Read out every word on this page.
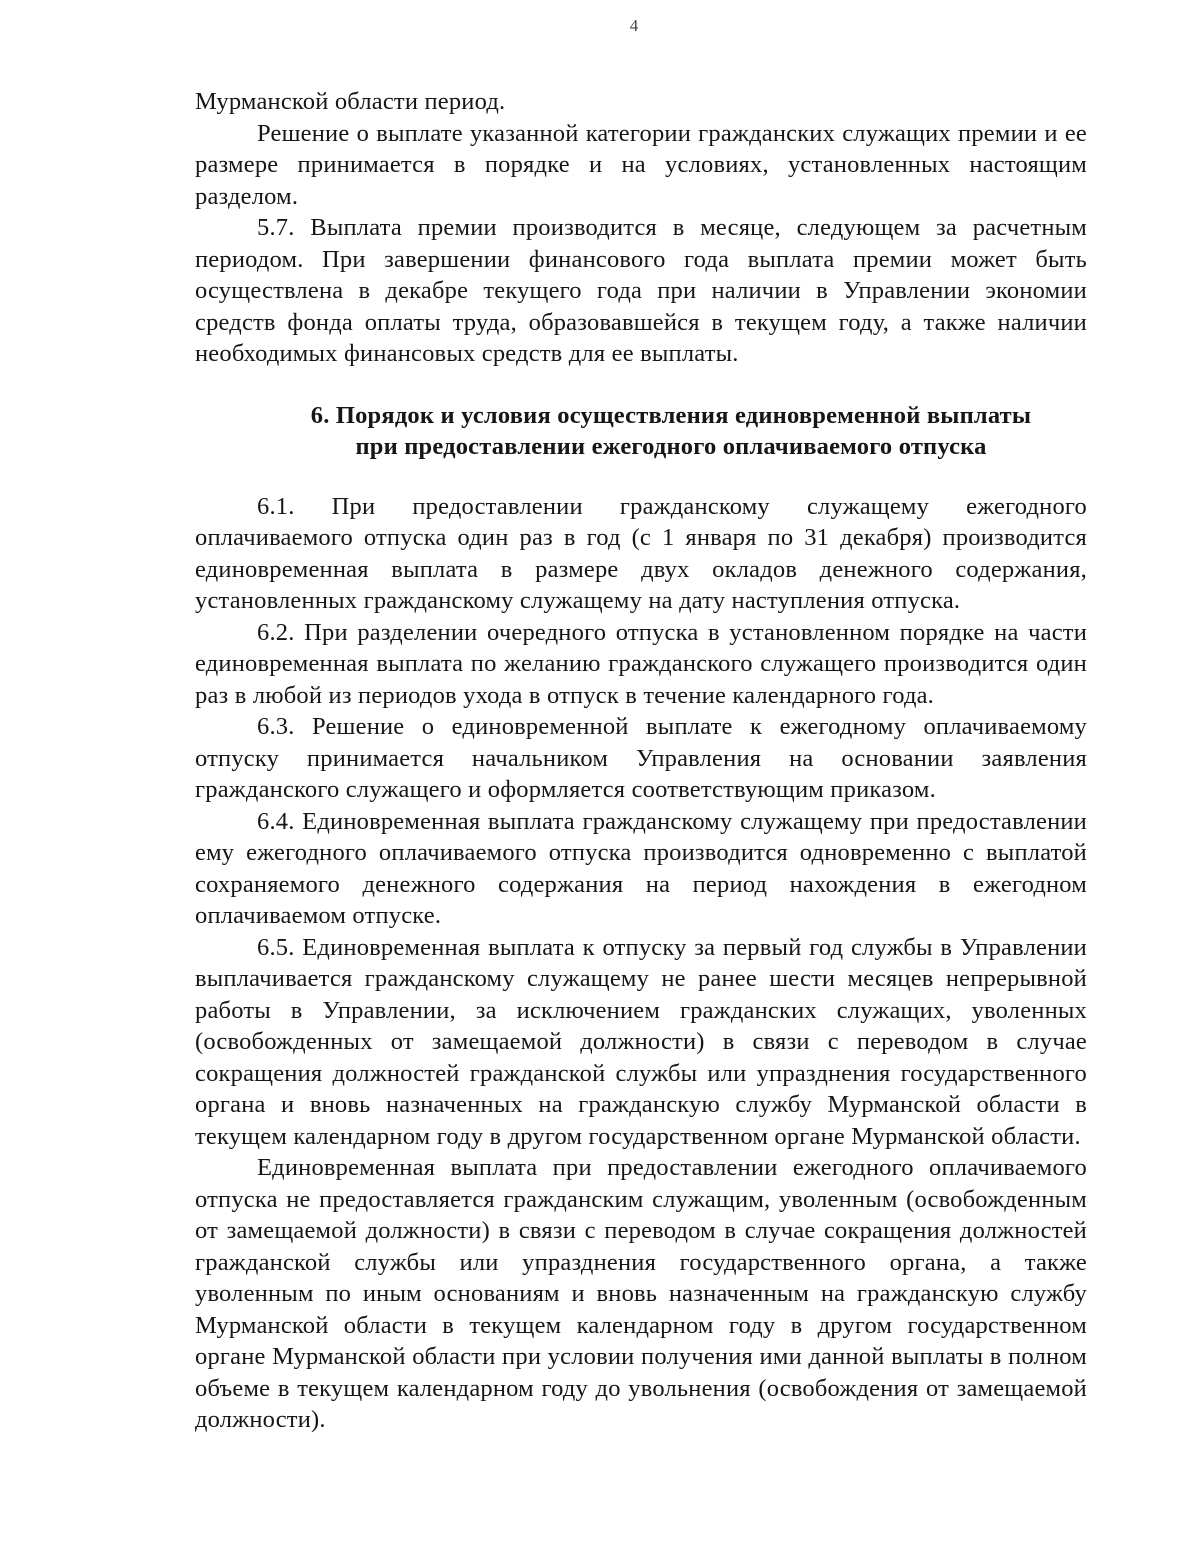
4

Мурманской области период.

Решение о выплате указанной категории гражданских служащих премии и ее размере принимается в порядке и на условиях, установленных настоящим разделом.

5.7. Выплата премии производится в месяце, следующем за расчетным периодом. При завершении финансового года выплата премии может быть осуществлена в декабре текущего года при наличии в Управлении экономии средств фонда оплаты труда, образовавшейся в текущем году, а также наличии необходимых финансовых средств для ее выплаты.

6. Порядок и условия осуществления единовременной выплаты
при предоставлении ежегодного оплачиваемого отпуска

6.1. При предоставлении гражданскому служащему ежегодного оплачиваемого отпуска один раз в год (с 1 января по 31 декабря) производится единовременная выплата в размере двух окладов денежного содержания, установленных гражданскому служащему на дату наступления отпуска.

6.2. При разделении очередного отпуска в установленном порядке на части единовременная выплата по желанию гражданского служащего производится один раз в любой из периодов ухода в отпуск в течение календарного года.

6.3. Решение о единовременной выплате к ежегодному оплачиваемому отпуску принимается начальником Управления на основании заявления гражданского служащего и оформляется соответствующим приказом.

6.4. Единовременная выплата гражданскому служащему при предоставлении ему ежегодного оплачиваемого отпуска производится одновременно с выплатой сохраняемого денежного содержания на период нахождения в ежегодном оплачиваемом отпуске.

6.5. Единовременная выплата к отпуску за первый год службы в Управлении выплачивается гражданскому служащему не ранее шести месяцев непрерывной работы в Управлении, за исключением гражданских служащих, уволенных (освобожденных от замещаемой должности) в связи с переводом в случае сокращения должностей гражданской службы или упразднения государственного органа и вновь назначенных на гражданскую службу Мурманской области в текущем календарном году в другом государственном органе Мурманской области.

Единовременная выплата при предоставлении ежегодного оплачиваемого отпуска не предоставляется гражданским служащим, уволенным (освобожденным от замещаемой должности) в связи с переводом в случае сокращения должностей гражданской службы или упразднения государственного органа, а также уволенным по иным основаниям и вновь назначенным на гражданскую службу Мурманской области в текущем календарном году в другом государственном органе Мурманской области при условии получения ими данной выплаты в полном объеме в текущем календарном году до увольнения (освобождения от замещаемой должности).
